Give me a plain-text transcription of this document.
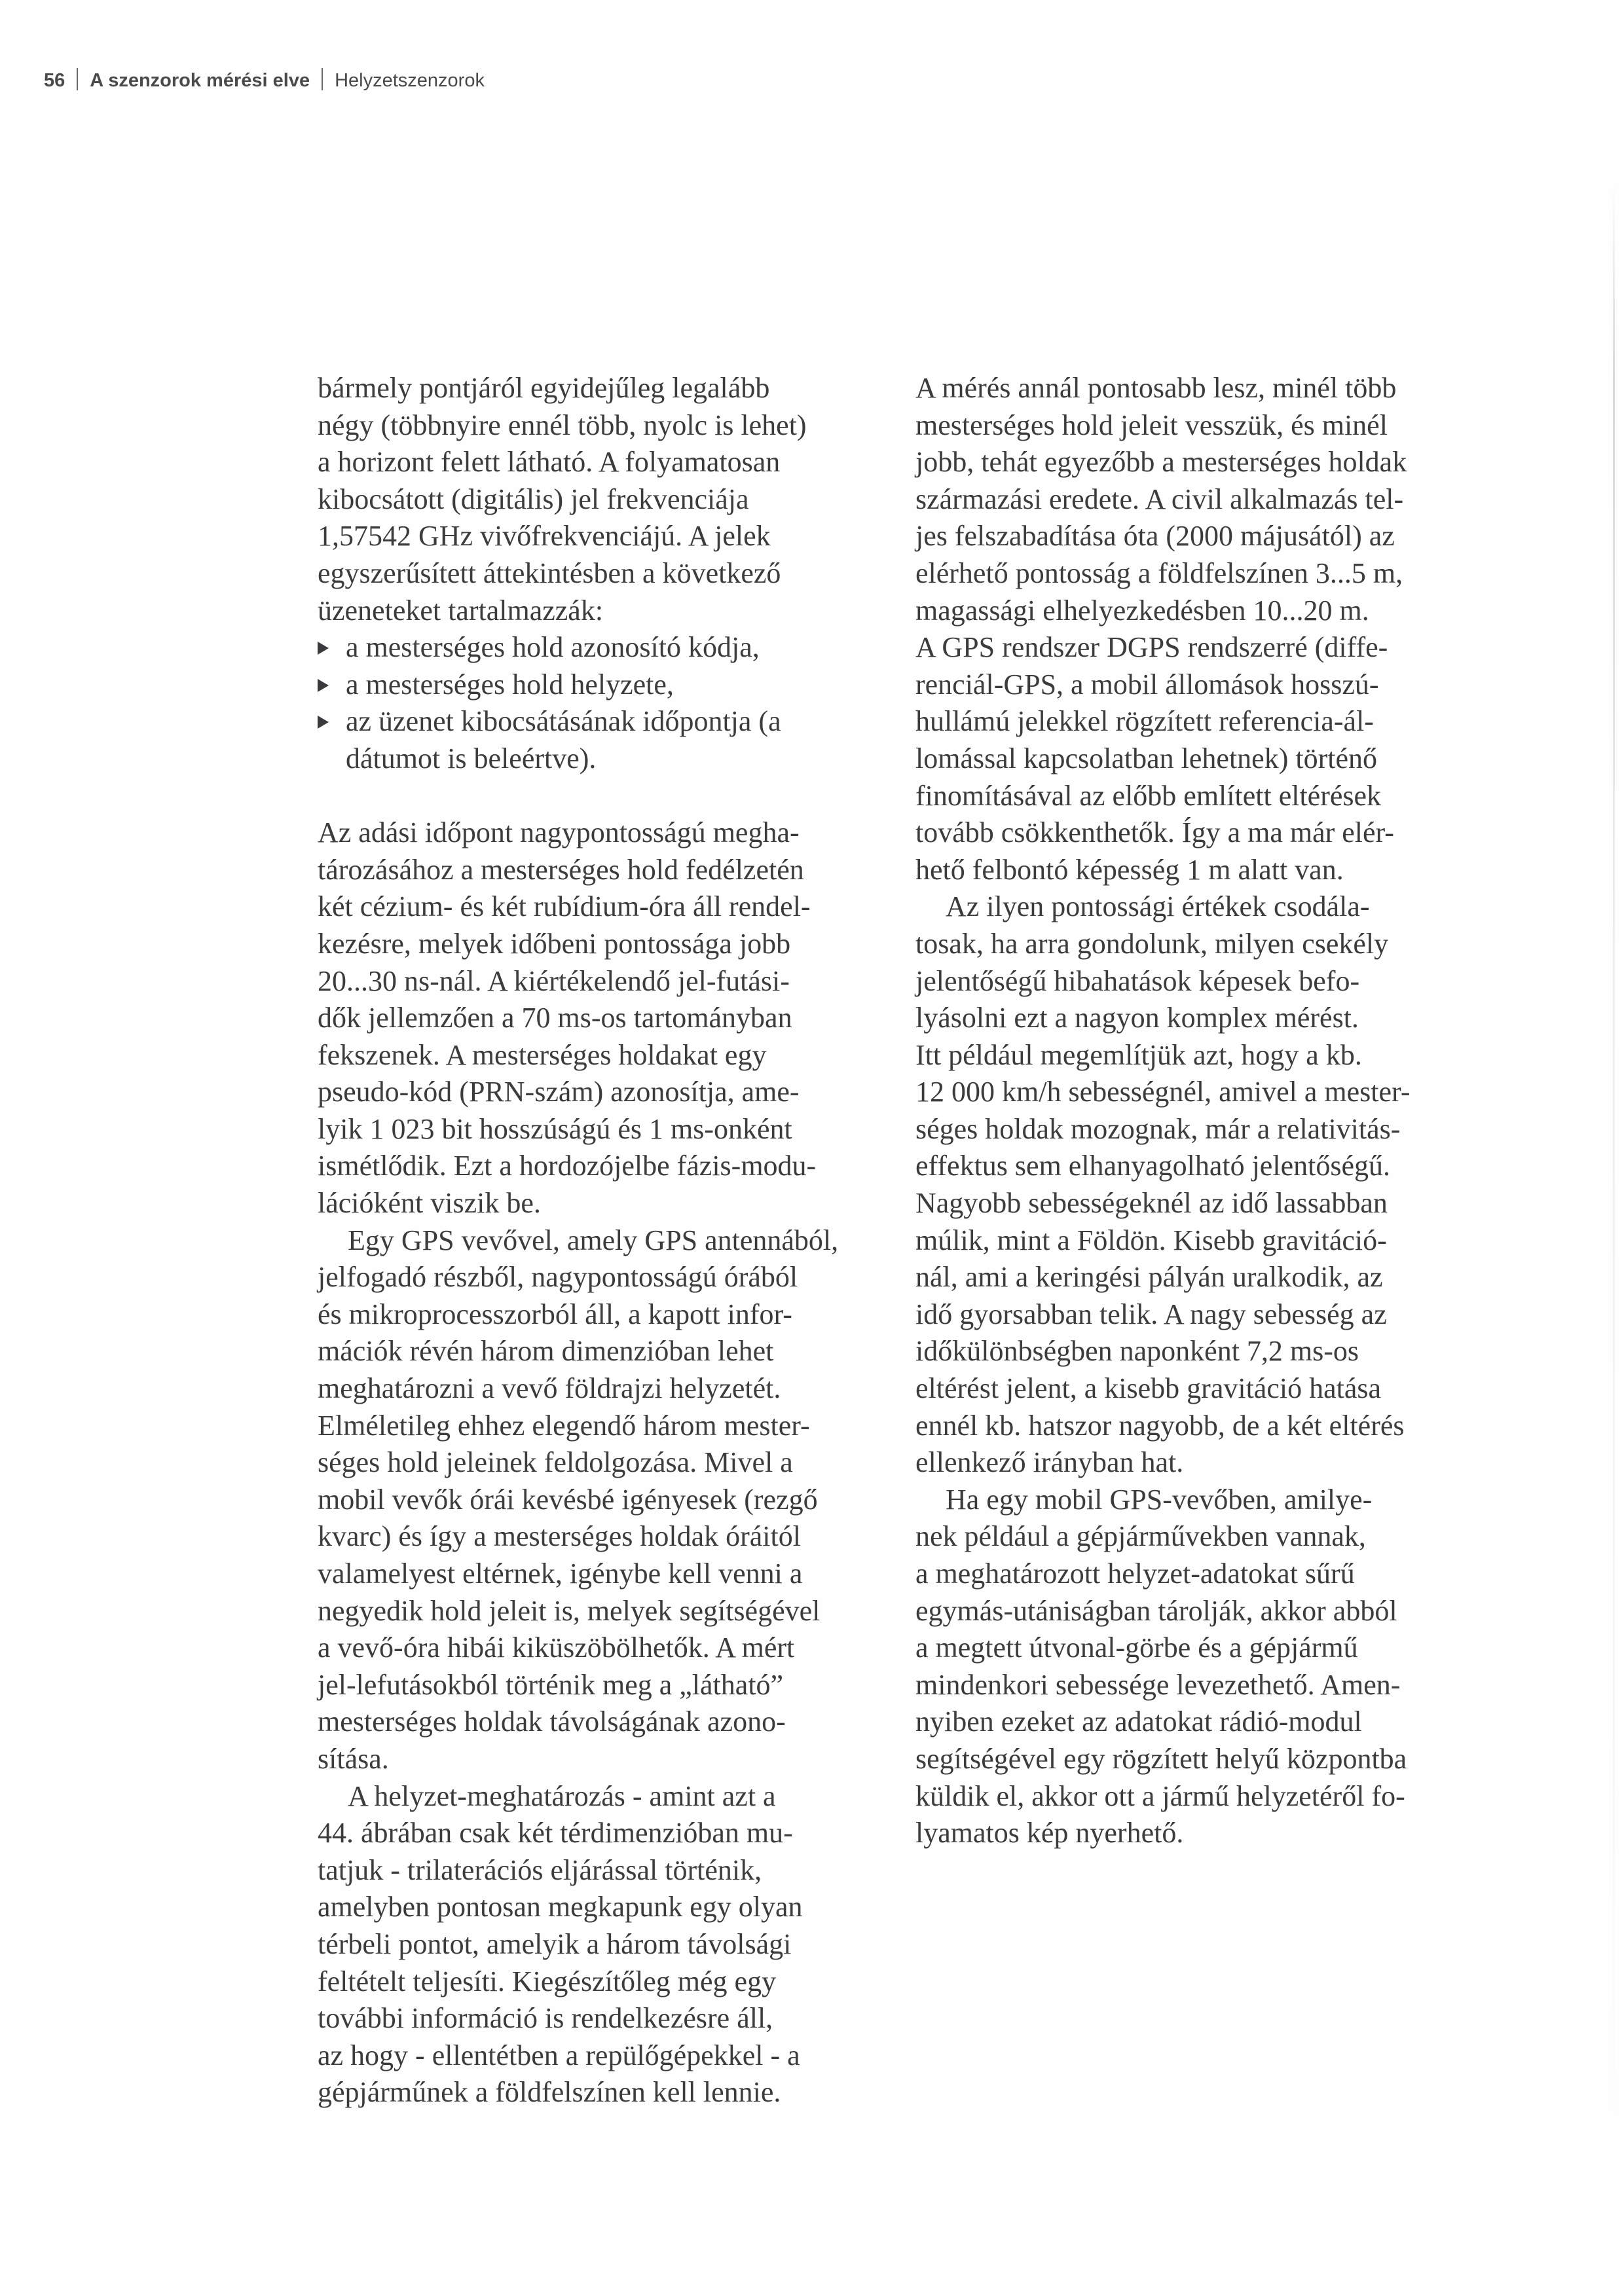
56 A szenzorok mérési elve Helyzetszenzorok
bármely pontjáról egyidejűleg legalább
négy (többnyire ennél több, nyolc is lehet)
a horizont felett látható. A folyamatosan
kibocsátott (digitális) jel frekvenciája
1,57542 GHz vivőfrekvenciájú. A jelek
egyszerűsített áttekintésben a következő
üzeneteket tartalmazzák:
a mesterséges hold azonosító kódja,
a mesterséges hold helyzete,
az üzenet kibocsátásának időpontja (a
dátumot is beleértve).
Az adási időpont nagypontosságú megha-
tározásához a mesterséges hold fedélzetén
két cézium- és két rubídium-óra áll rendel-
kezésre, melyek időbeni pontossága jobb
20...30 ns-nál. A kiértékelendő jel-futási-
dők jellemzően a 70 ms-os tartományban
fekszenek. A mesterséges holdakat egy
pseudo-kód (PRN-szám) azonosítja, ame-
lyik 1 023 bit hosszúságú és 1 ms-onként
ismétlődik. Ezt a hordozójelbe fázis-modu-
lációként viszik be.
Egy GPS vevővel, amely GPS antennából,
jelfogadó részből, nagypontosságú órából
és mikroprocesszorból áll, a kapott infor-
mációk révén három dimenzióban lehet
meghatározni a vevő földrajzi helyzetét.
Elméletileg ehhez elegendő három mester-
séges hold jeleinek feldolgozása. Mivel a
mobil vevők órái kevésbé igényesek (rezgő
kvarc) és így a mesterséges holdak óráitól
valamelyest eltérnek, igénybe kell venni a
negyedik hold jeleit is, melyek segítségével
a vevő-óra hibái kiküszöbölhetők. A mért
jel-lefutásokból történik meg a „látható”
mesterséges holdak távolságának azono-
sítása.
A helyzet-meghatározás - amint azt a
44. ábrában csak két térdimenzióban mu-
tatjuk - trilaterációs eljárással történik,
amelyben pontosan megkapunk egy olyan
térbeli pontot, amelyik a három távolsági
feltételt teljesíti. Kiegészítőleg még egy
további információ is rendelkezésre áll,
az hogy - ellentétben a repülőgépekkel - a
gépjárműnek a földfelszínen kell lennie.
A mérés annál pontosabb lesz, minél több
mesterséges hold jeleit vesszük, és minél
jobb, tehát egyezőbb a mesterséges holdak
származási eredete. A civil alkalmazás tel-
jes felszabadítása óta (2000 májusától) az
elérhető pontosság a földfelszínen 3...5 m,
magassági elhelyezkedésben 10...20 m.
A GPS rendszer DGPS rendszerré (diffe-
renciál-GPS, a mobil állomások hosszú-
hullámú jelekkel rögzített referencia-ál-
lomással kapcsolatban lehetnek) történő
finomításával az előbb említett eltérések
tovább csökkenthetők. Így a ma már elér-
hető felbontó képesség 1 m alatt van.
Az ilyen pontossági értékek csodála-
tosak, ha arra gondolunk, milyen csekély
jelentőségű hibahatások képesek befo-
lyásolni ezt a nagyon komplex mérést.
Itt például megemlítjük azt, hogy a kb.
12 000 km/h sebességnél, amivel a mester-
séges holdak mozognak, már a relativitás-
effektus sem elhanyagolható jelentőségű.
Nagyobb sebességeknél az idő lassabban
múlik, mint a Földön. Kisebb gravitáció-
nál, ami a keringési pályán uralkodik, az
idő gyorsabban telik. A nagy sebesség az
időkülönbségben naponként 7,2 ms-os
eltérést jelent, a kisebb gravitáció hatása
ennél kb. hatszor nagyobb, de a két eltérés
ellenkező irányban hat.
Ha egy mobil GPS-vevőben, amilye-
nek például a gépjárművekben vannak,
a meghatározott helyzet-adatokat sűrű
egymás-utániságban tárolják, akkor abból
a megtett útvonal-görbe és a gépjármű
mindenkori sebessége levezethető. Amen-
nyiben ezeket az adatokat rádió-modul
segítségével egy rögzített helyű központba
küldik el, akkor ott a jármű helyzetéről fo-
lyamatos kép nyerhető.
